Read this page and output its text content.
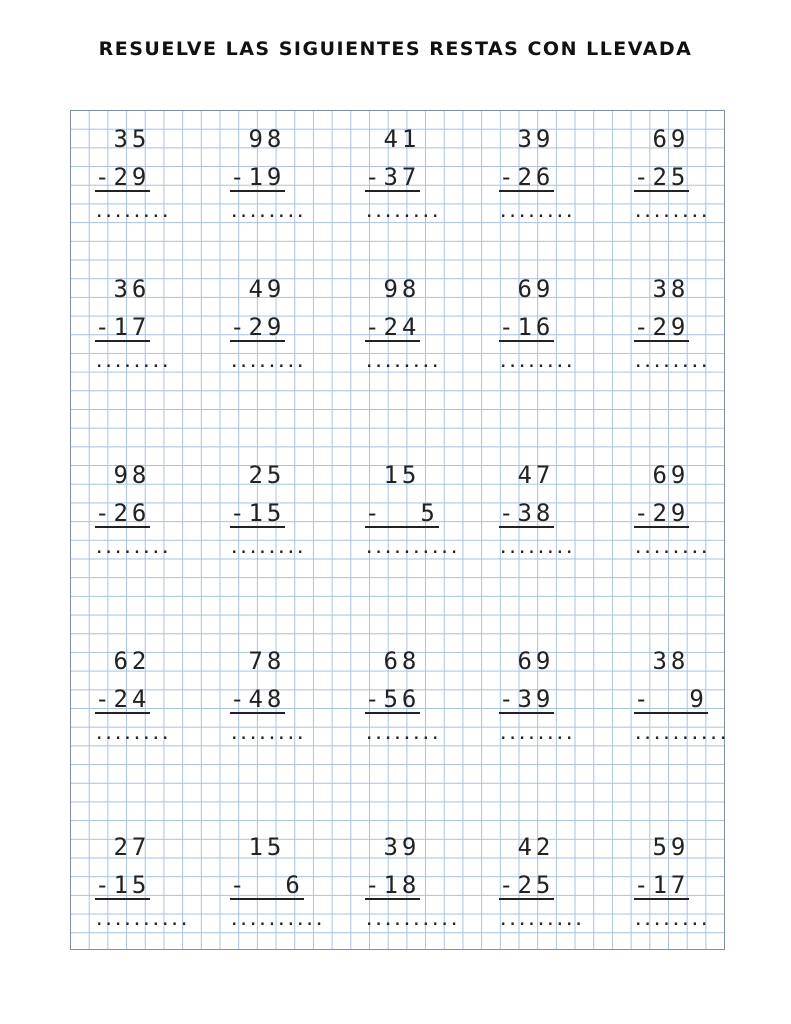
RESUELVE LAS SIGUIENTES RESTAS CON LLEVADA
35
-29
........
98
-19
........
41
-37
........
39
-26
........
69
-25
........
36
-17
........
49
-29
........
98
-24
........
69
-16
........
38
-29
........
98
-26
........
25
-15
........
15
-  5
..........
47
-38
........
69
-29
........
62
-24
........
78
-48
........
68
-56
........
69
-39
........
38
-  9
..........
27
-15
..........
15
-  6
..........
39
-18
..........
42
-25
.........
59
-17
........
